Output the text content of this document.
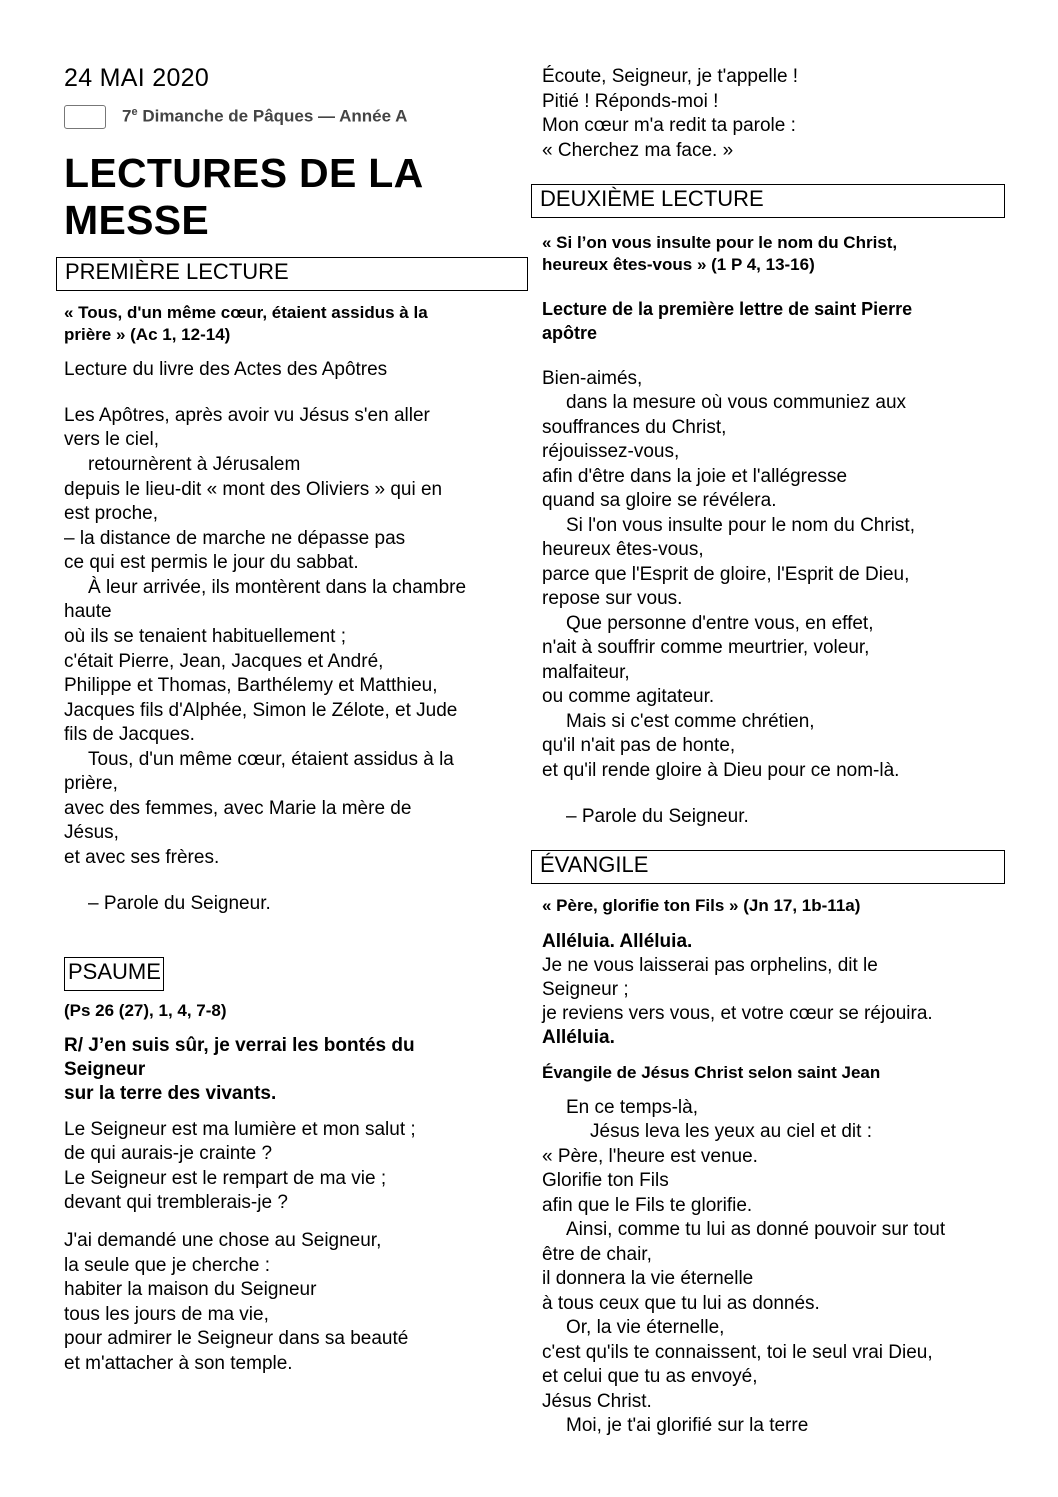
24 MAI 2020
7e Dimanche de Pâques — Année A
LECTURES DE LA
MESSE
PREMIÈRE LECTURE
« Tous, d'un même cœur, étaient assidus à la
prière » (Ac 1, 12-14)
Lecture du livre des Actes des Apôtres
Les Apôtres, après avoir vu Jésus s'en aller
vers le ciel,
retournèrent à Jérusalem
depuis le lieu-dit « mont des Oliviers » qui en
est proche,
– la distance de marche ne dépasse pas
ce qui est permis le jour du sabbat.
À leur arrivée, ils montèrent dans la chambre
haute
où ils se tenaient habituellement ;
c'était Pierre, Jean, Jacques et André,
Philippe et Thomas, Barthélemy et Matthieu,
Jacques fils d'Alphée, Simon le Zélote, et Jude
fils de Jacques.
Tous, d'un même cœur, étaient assidus à la
prière,
avec des femmes, avec Marie la mère de
Jésus,
et avec ses frères.
– Parole du Seigneur.
PSAUME
(Ps 26 (27), 1, 4, 7-8)
R/ J’en suis sûr, je verrai les bontés du
Seigneur
sur la terre des vivants.
Le Seigneur est ma lumière et mon salut ;
de qui aurais-je crainte ?
Le Seigneur est le rempart de ma vie ;
devant qui tremblerais-je ?
J'ai demandé une chose au Seigneur,
la seule que je cherche :
habiter la maison du Seigneur
tous les jours de ma vie,
pour admirer le Seigneur dans sa beauté
et m'attacher à son temple.
Écoute, Seigneur, je t'appelle !
Pitié ! Réponds-moi !
Mon cœur m'a redit ta parole :
« Cherchez ma face. »
DEUXIÈME LECTURE
« Si l’on vous insulte pour le nom du Christ,
heureux êtes-vous » (1 P 4, 13-16)
Lecture de la première lettre de saint Pierre
apôtre
Bien-aimés,
dans la mesure où vous communiez aux
souffrances du Christ,
réjouissez-vous,
afin d'être dans la joie et l'allégresse
quand sa gloire se révélera.
Si l'on vous insulte pour le nom du Christ,
heureux êtes-vous,
parce que l'Esprit de gloire, l'Esprit de Dieu,
repose sur vous.
Que personne d'entre vous, en effet,
n'ait à souffrir comme meurtrier, voleur,
malfaiteur,
ou comme agitateur.
Mais si c'est comme chrétien,
qu'il n'ait pas de honte,
et qu'il rende gloire à Dieu pour ce nom-là.
– Parole du Seigneur.
ÉVANGILE
« Père, glorifie ton Fils » (Jn 17, 1b-11a)
Alléluia. Alléluia.
Je ne vous laisserai pas orphelins, dit le
Seigneur ;
je reviens vers vous, et votre cœur se réjouira.
Alléluia.
Évangile de Jésus Christ selon saint Jean
En ce temps-là,
Jésus leva les yeux au ciel et dit :
« Père, l'heure est venue.
Glorifie ton Fils
afin que le Fils te glorifie.
Ainsi, comme tu lui as donné pouvoir sur tout
être de chair,
il donnera la vie éternelle
à tous ceux que tu lui as donnés.
Or, la vie éternelle,
c'est qu'ils te connaissent, toi le seul vrai Dieu,
et celui que tu as envoyé,
Jésus Christ.
Moi, je t'ai glorifié sur la terre
